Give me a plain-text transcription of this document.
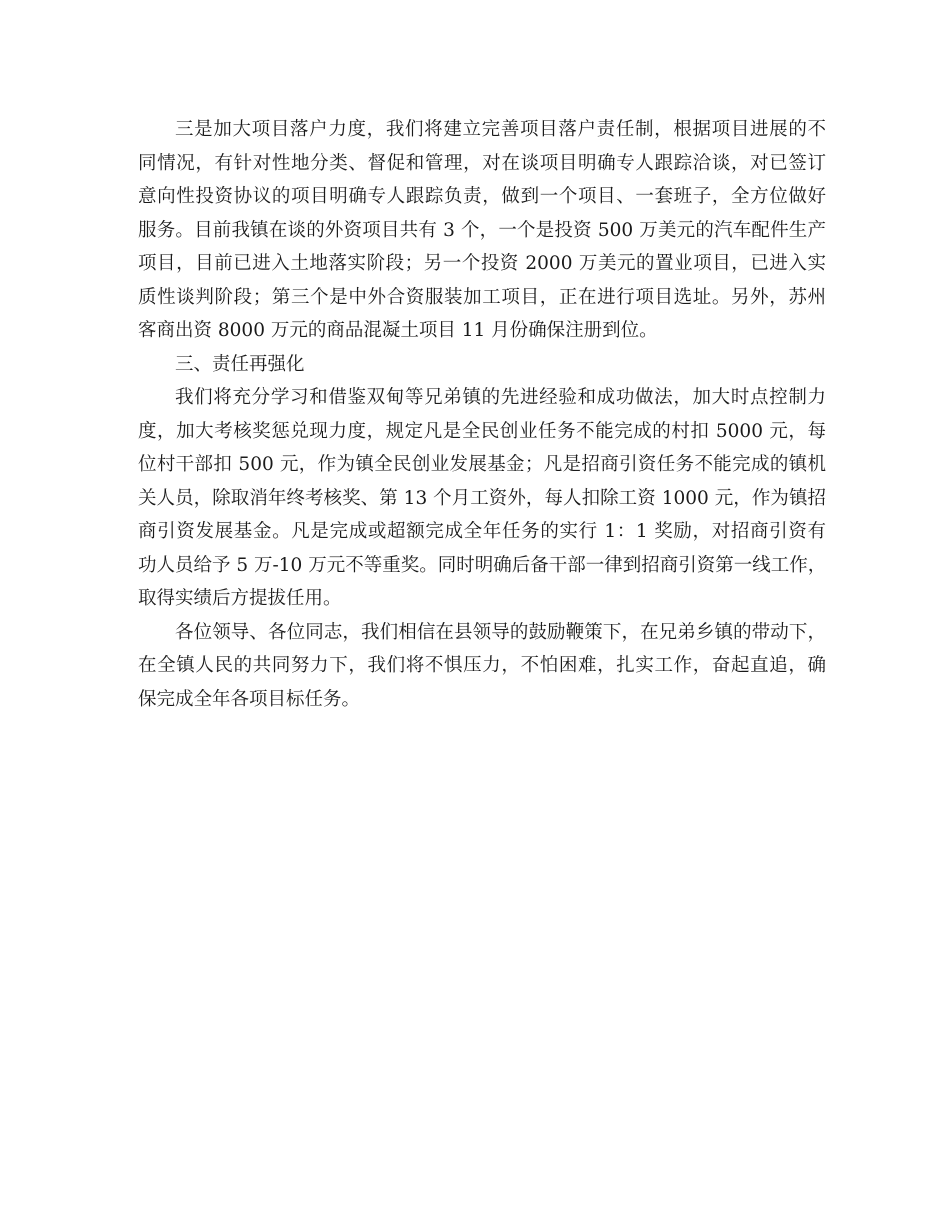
三是加大项目落户力度，我们将建立完善项目落户责任制，根据项目进展的不
同情况，有针对性地分类、督促和管理，对在谈项目明确专人跟踪洽谈，对已签订
意向性投资协议的项目明确专人跟踪负责，做到一个项目、一套班子，全方位做好
服务。目前我镇在谈的外资项目共有 3 个，一个是投资 500 万美元的汽车配件生产
项目，目前已进入土地落实阶段；另一个投资 2000 万美元的置业项目，已进入实
质性谈判阶段；第三个是中外合资服装加工项目，正在进行项目选址。另外，苏州
客商出资 8000 万元的商品混凝土项目 11 月份确保注册到位。
三、责任再强化
我们将充分学习和借鉴双甸等兄弟镇的先进经验和成功做法，加大时点控制力
度，加大考核奖惩兑现力度，规定凡是全民创业任务不能完成的村扣 5000 元，每
位村干部扣 500 元，作为镇全民创业发展基金；凡是招商引资任务不能完成的镇机
关人员，除取消年终考核奖、第 13 个月工资外，每人扣除工资 1000 元，作为镇招
商引资发展基金。凡是完成或超额完成全年任务的实行 1：1 奖励，对招商引资有
功人员给予 5 万-10 万元不等重奖。同时明确后备干部一律到招商引资第一线工作，
取得实绩后方提拔任用。
各位领导、各位同志，我们相信在县领导的鼓励鞭策下，在兄弟乡镇的带动下，
在全镇人民的共同努力下，我们将不惧压力，不怕困难，扎实工作，奋起直追，确
保完成全年各项目标任务。
